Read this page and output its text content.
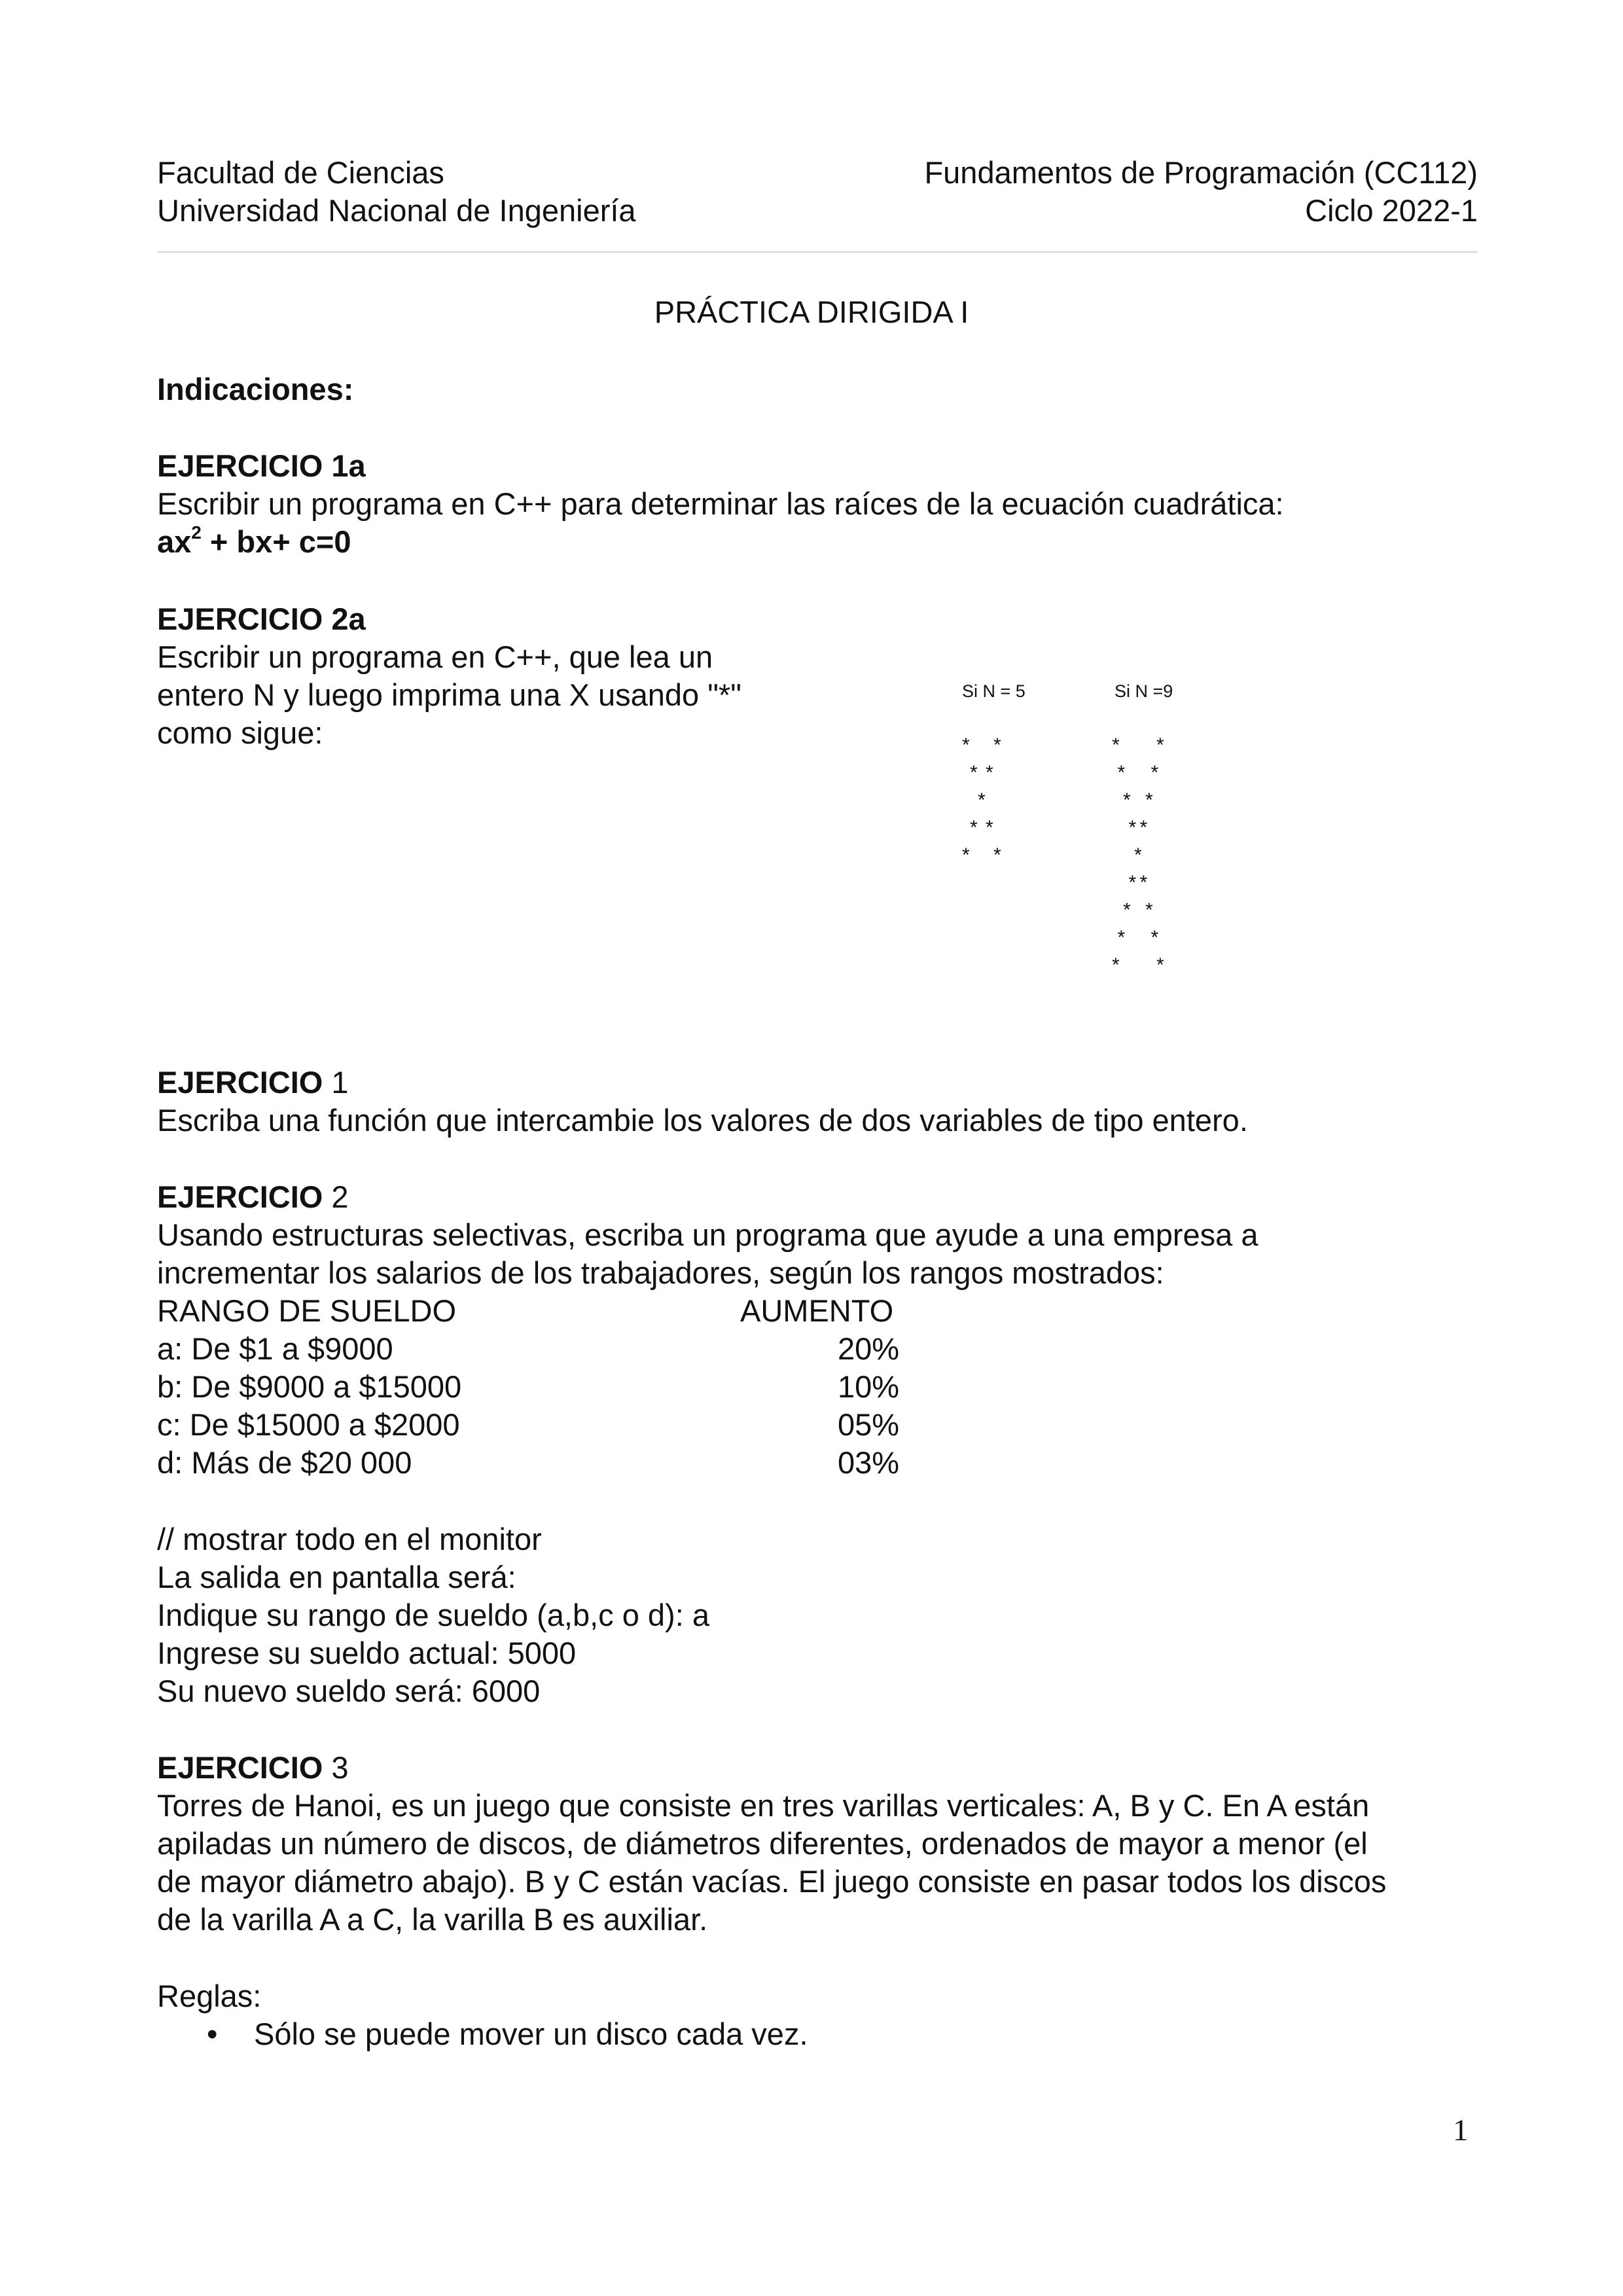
Facultad de Ciencias
Universidad Nacional de Ingeniería
Fundamentos de Programación (CC112)
Ciclo 2022-1
PRÁCTICA DIRIGIDA I
Indicaciones:
EJERCICIO 1a
Escribir un programa en C++ para determinar las raíces de la ecuación cuadrática:
$ax^2 + bx+ c=0$
EJERCICIO 2a
Escribir un programa en C++, que lea un
entero N y luego imprima una X usando "*"
como sigue:
Si N = 5	Si N =9
* *
* *
*
* *
* *
* *
* *
* *
* *
*
* *
* *
* *
* *
EJERCICIO 1
Escriba una función que intercambie los valores de dos variables de tipo entero.
EJERCICIO 2
Usando estructuras selectivas, escriba un programa que ayude a una empresa a
incrementar los salarios de los trabajadores, según los rangos mostrados:
RANGO DE SUELDO	AUMENTO
a: De $1 a $9000	20%
b: De $9000 a $15000	10%
c: De $15000 a $2000	05%
d: Más de $20 000	03%
// mostrar todo en el monitor
La salida en pantalla será:
Indique su rango de sueldo (a,b,c o d): a
Ingrese su sueldo actual: 5000
Su nuevo sueldo será: 6000
EJERCICIO 3
Torres de Hanoi, es un juego que consiste en tres varillas verticales: A, B y C. En A están
apiladas un número de discos, de diámetros diferentes, ordenados de mayor a menor (el
de mayor diámetro abajo). B y C están vacías. El juego consiste en pasar todos los discos
de la varilla A a C, la varilla B es auxiliar.
Reglas:
• Sólo se puede mover un disco cada vez.
1
